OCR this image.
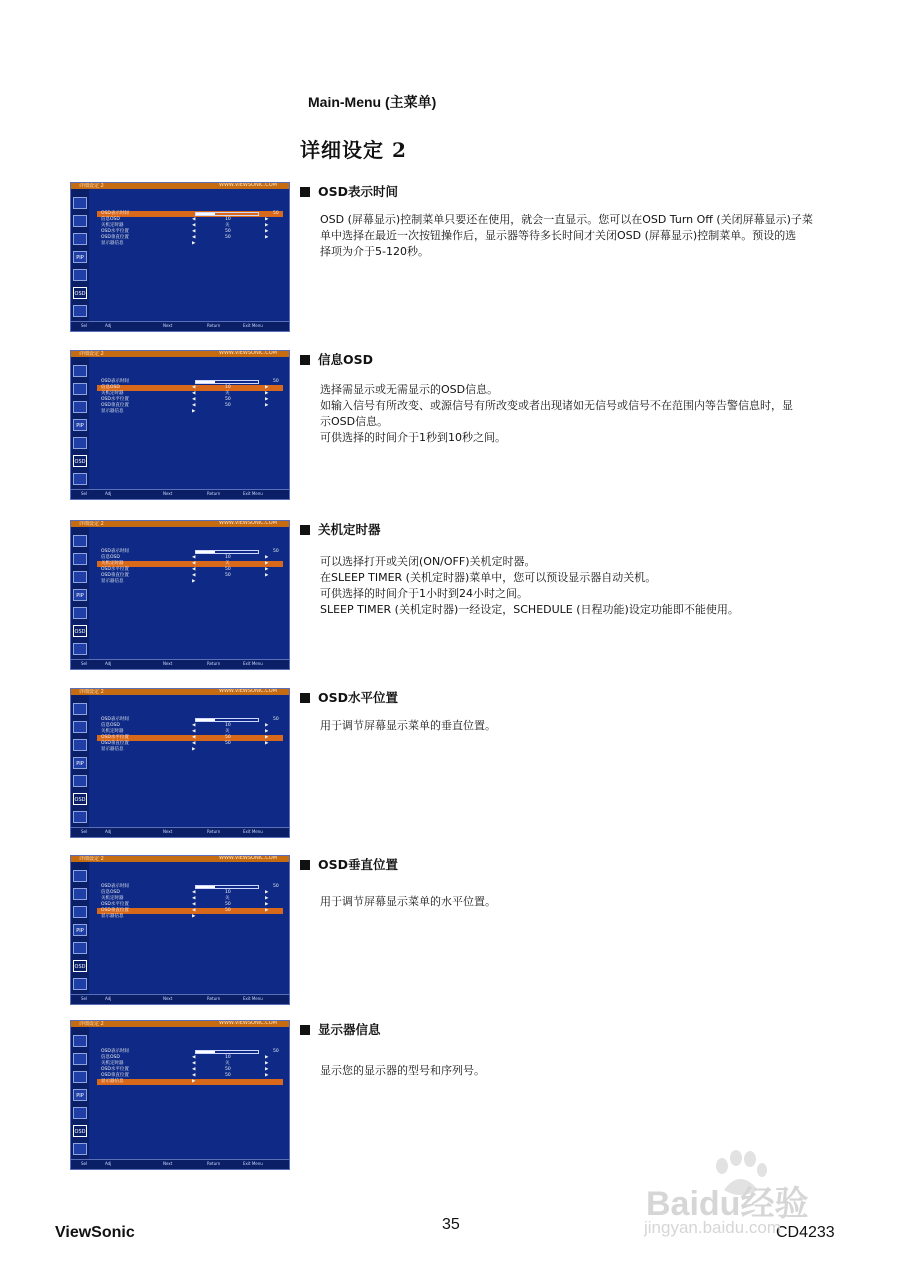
Main-Menu (主菜单)
详细设定 2
详细设定 2	WWW.VIEWSONIC.COM
PIP
OSD
OSD表示时间	50
信息OSD	◀	10	▶
关机定时器	◀	关	▶
OSD水平位置	◀	50	▶
OSD垂直位置	◀	50	▶
显示器信息	▶
Sel	Adj	Next	Return	Exit Menu
OSD表示时间

OSD (屏幕显示)控制菜单只要还在使用，就会一直显示。您可以在OSD Turn Off (关闭屏幕显示)子菜

单中选择在最近一次按钮操作后，显示器等待多长时间才关闭OSD (屏幕显示)控制菜单。预设的选

择项为介于5-120秒。

详细设定 2	WWW.VIEWSONIC.COM
PIP
OSD
OSD表示时间	50
信息OSD	◀	10	▶
关机定时器	◀	关	▶
OSD水平位置	◀	50	▶
OSD垂直位置	◀	50	▶
显示器信息	▶
Sel	Adj	Next	Return	Exit Menu
信息OSD

选择需显示或无需显示的OSD信息。

如输入信号有所改变、或源信号有所改变或者出现诸如无信号或信号不在范围内等告警信息时，显

示OSD信息。

可供选择的时间介于1秒到10秒之间。

详细设定 2	WWW.VIEWSONIC.COM
PIP
OSD
OSD表示时间	50
信息OSD	◀	10	▶
关机定时器	◀	关	▶
OSD水平位置	◀	50	▶
OSD垂直位置	◀	50	▶
显示器信息	▶
Sel	Adj	Next	Return	Exit Menu
关机定时器

可以选择打开或关闭(ON/OFF)关机定时器。

在SLEEP TIMER (关机定时器)菜单中，您可以预设显示器自动关机。

可供选择的时间介于1小时到24小时之间。

SLEEP TIMER (关机定时器)一经设定，SCHEDULE (日程功能)设定功能即不能使用。

详细设定 2	WWW.VIEWSONIC.COM
PIP
OSD
OSD表示时间	50
信息OSD	◀	10	▶
关机定时器	◀	关	▶
OSD水平位置	◀	50	▶
OSD垂直位置	◀	50	▶
显示器信息	▶
Sel	Adj	Next	Return	Exit Menu
OSD水平位置

用于调节屏幕显示菜单的垂直位置。

详细设定 2	WWW.VIEWSONIC.COM
PIP
OSD
OSD表示时间	50
信息OSD	◀	10	▶
关机定时器	◀	关	▶
OSD水平位置	◀	50	▶
OSD垂直位置	◀	50	▶
显示器信息	▶
Sel	Adj	Next	Return	Exit Menu
OSD垂直位置

用于调节屏幕显示菜单的水平位置。

详细设定 2	WWW.VIEWSONIC.COM
PIP
OSD
OSD表示时间	50
信息OSD	◀	10	▶
关机定时器	◀	关	▶
OSD水平位置	◀	50	▶
OSD垂直位置	◀	50	▶
显示器信息	▶
Sel	Adj	Next	Return	Exit Menu
显示器信息

显示您的显示器的型号和序列号。

ViewSonic	35	CD4233
Baidu经验
jingyan.baidu.com
